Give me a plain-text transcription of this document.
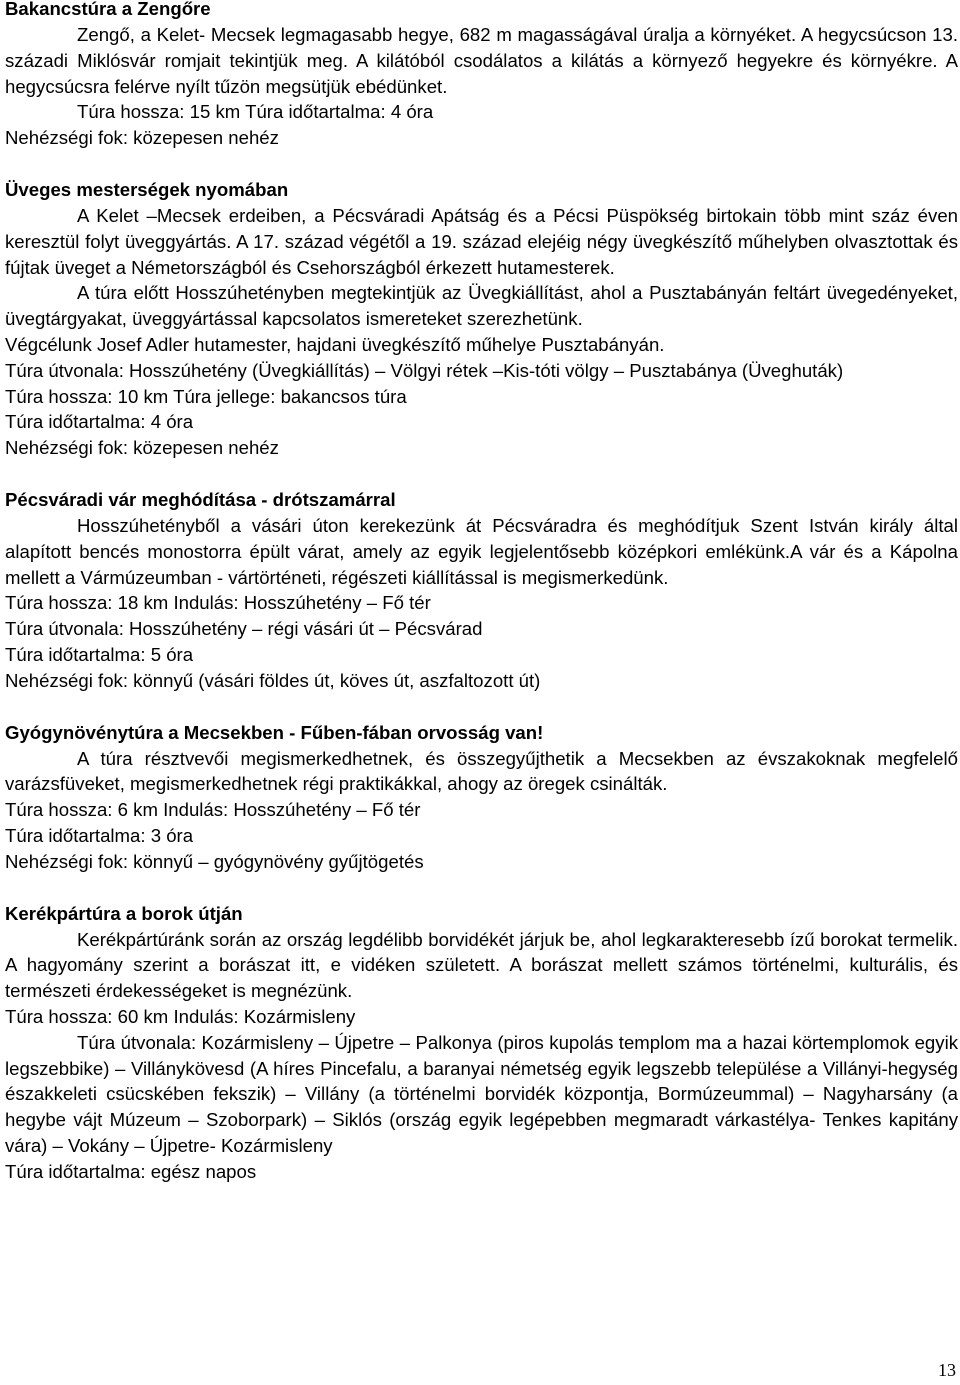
Bakancstúra a Zengőre
Zengő, a Kelet- Mecsek legmagasabb hegye, 682 m magasságával úralja a környéket. A hegycsúcson 13. századi Miklósvár romjait tekintjük meg. A kilátóból csodálatos a kilátás a környező hegyekre és környékre. A hegycsúcsra felérve nyílt tűzön megsütjük ebédünket.
Túra hossza: 15 km Túra időtartalma: 4 óra
Nehézségi fok: közepesen nehéz
Üveges mesterségek nyomában
A Kelet –Mecsek erdeiben, a Pécsváradi Apátság és a Pécsi Püspökség birtokain több mint száz éven keresztül folyt üveggyártás. A 17. század végétől a 19. század elejéig négy üvegkészítő műhelyben olvasztottak és fújtak üveget a Németországból és Csehországból érkezett hutamesterek.
A túra előtt Hosszúhetényben megtekintjük az Üvegkiállítást, ahol a Pusztabányán feltárt üvegedényeket, üvegtárgyakat, üveggyártással kapcsolatos ismereteket szerezhetünk.
Végcélunk Josef Adler hutamester, hajdani üvegkészítő műhelye Pusztabányán.
Túra útvonala: Hosszúhetény (Üvegkiállítás) – Völgyi rétek –Kis-tóti völgy – Pusztabánya (Üveghuták)
Túra hossza: 10 km Túra jellege: bakancsos túra
Túra időtartalma: 4 óra
Nehézségi fok: közepesen nehéz
Pécsváradi vár meghódítása - drótszamárral
Hosszúhetényből a vásári úton kerekezünk át Pécsváradra és meghódítjuk Szent István király által alapított bencés monostorra épült várat, amely az egyik legjelentősebb középkori emlékünk.A vár és a Kápolna mellett a Vármúzeumban - vártörténeti, régészeti kiállítással is megismerkedünk.
Túra hossza: 18 km Indulás: Hosszúhetény – Fő tér
Túra útvonala: Hosszúhetény – régi vásári út – Pécsvárad
Túra időtartalma: 5 óra
Nehézségi fok: könnyű (vásári földes út, köves út, aszfaltozott út)
Gyógynövénytúra a Mecsekben - Fűben-fában orvosság van!
A túra résztvevői megismerkedhetnek, és összegyűjthetik a Mecsekben az évszakoknak megfelelő varázsfüveket, megismerkedhetnek régi praktikákkal, ahogy az öregek csinálták.
Túra hossza: 6 km Indulás: Hosszúhetény – Fő tér
Túra időtartalma: 3 óra
Nehézségi fok: könnyű – gyógynövény gyűjtögetés
Kerékpártúra a borok útján
Kerékpártúránk során az ország legdélibb borvidékét járjuk be, ahol legkarakteresebb ízű borokat termelik. A hagyomány szerint a borászat itt, e vidéken született. A borászat mellett számos történelmi, kulturális, és természeti érdekességeket is megnézünk.
Túra hossza: 60 km Indulás: Kozármisleny
Túra útvonala: Kozármisleny – Újpetre – Palkonya (piros kupolás templom ma a hazai körtemplomok egyik legszebbike) – Villánykövesd (A híres Pincefalu, a baranyai németség egyik legszebb települése a Villányi-hegység északkeleti csücskében fekszik) – Villány (a történelmi borvidék központja, Bormúzeummal) – Nagyharsány (a hegybe vájt Múzeum – Szoborpark) – Siklós (ország egyik legépebben megmaradt várkastélya- Tenkes kapitány vára) – Vokány – Újpetre- Kozármisleny
Túra időtartalma: egész napos
13
